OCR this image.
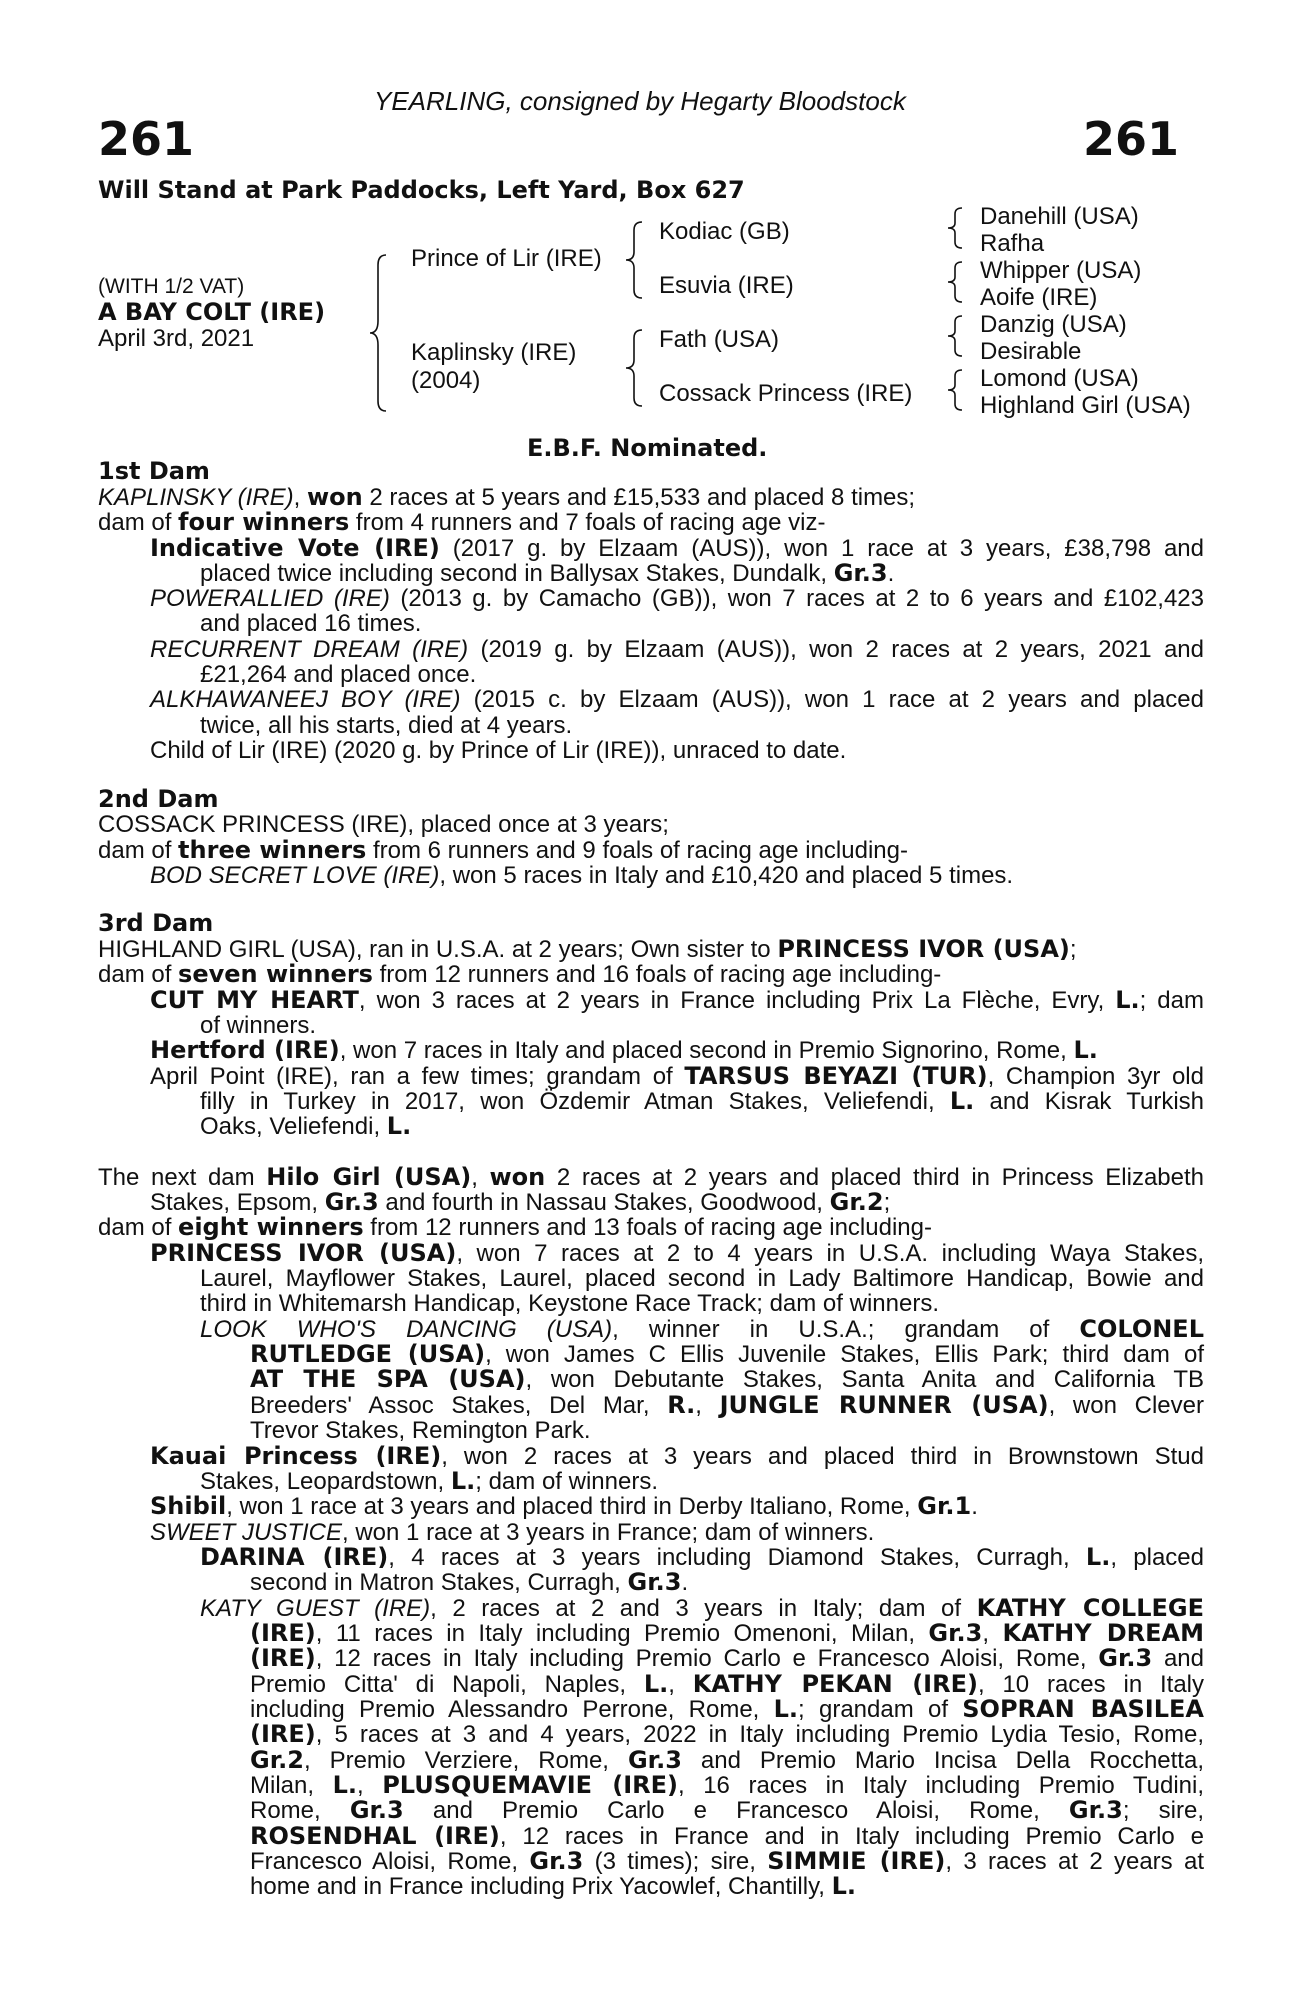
YEARLING, consigned by Hegarty Bloodstock
261	261
Will Stand at Park Paddocks, Left Yard, Box 627
(WITH 1/2 VAT)
A BAY COLT (IRE)
April 3rd, 2021
Prince of Lir (IRE)
Kaplinsky (IRE)
(2004)
Kodiac (GB)
Esuvia (IRE)
Fath (USA)
Cossack Princess (IRE)
Danehill (USA)
Rafha
Whipper (USA)
Aoife (IRE)
Danzig (USA)
Desirable
Lomond (USA)
Highland Girl (USA)
E.B.F. Nominated.
1st Dam
KAPLINSKY (IRE), won 2 races at 5 years and £15,533 and placed 8 times;
dam of four winners from 4 runners and 7 foals of racing age viz-
Indicative Vote (IRE) (2017 g. by Elzaam (AUS)), won 1 race at 3 years, £38,798 and
placed twice including second in Ballysax Stakes, Dundalk, Gr.3.
POWERALLIED (IRE) (2013 g. by Camacho (GB)), won 7 races at 2 to 6 years and £102,423
and placed 16 times.
RECURRENT DREAM (IRE) (2019 g. by Elzaam (AUS)), won 2 races at 2 years, 2021 and
£21,264 and placed once.
ALKHAWANEEJ BOY (IRE) (2015 c. by Elzaam (AUS)), won 1 race at 2 years and placed
twice, all his starts, died at 4 years.
Child of Lir (IRE) (2020 g. by Prince of Lir (IRE)), unraced to date.
2nd Dam
COSSACK PRINCESS (IRE), placed once at 3 years;
dam of three winners from 6 runners and 9 foals of racing age including-
BOD SECRET LOVE (IRE), won 5 races in Italy and £10,420 and placed 5 times.
3rd Dam
HIGHLAND GIRL (USA), ran in U.S.A. at 2 years; Own sister to PRINCESS IVOR (USA);
dam of seven winners from 12 runners and 16 foals of racing age including-
CUT MY HEART, won 3 races at 2 years in France including Prix La Flèche, Evry, L.; dam
of winners.
Hertford (IRE), won 7 races in Italy and placed second in Premio Signorino, Rome, L.
April Point (IRE), ran a few times; grandam of TARSUS BEYAZI (TUR), Champion 3yr old
filly in Turkey in 2017, won Özdemir Atman Stakes, Veliefendi, L. and Kisrak Turkish
Oaks, Veliefendi, L.
The next dam Hilo Girl (USA), won 2 races at 2 years and placed third in Princess Elizabeth
Stakes, Epsom, Gr.3 and fourth in Nassau Stakes, Goodwood, Gr.2;
dam of eight winners from 12 runners and 13 foals of racing age including-
PRINCESS IVOR (USA), won 7 races at 2 to 4 years in U.S.A. including Waya Stakes,
Laurel, Mayflower Stakes, Laurel, placed second in Lady Baltimore Handicap, Bowie and
third in Whitemarsh Handicap, Keystone Race Track; dam of winners.
LOOK WHO'S DANCING (USA), winner in U.S.A.; grandam of COLONEL
RUTLEDGE (USA), won James C Ellis Juvenile Stakes, Ellis Park; third dam of
AT THE SPA (USA), won Debutante Stakes, Santa Anita and California TB
Breeders' Assoc Stakes, Del Mar, R., JUNGLE RUNNER (USA), won Clever
Trevor Stakes, Remington Park.
Kauai Princess (IRE), won 2 races at 3 years and placed third in Brownstown Stud
Stakes, Leopardstown, L.; dam of winners.
Shibil, won 1 race at 3 years and placed third in Derby Italiano, Rome, Gr.1.
SWEET JUSTICE, won 1 race at 3 years in France; dam of winners.
DARINA (IRE), 4 races at 3 years including Diamond Stakes, Curragh, L., placed
second in Matron Stakes, Curragh, Gr.3.
KATY GUEST (IRE), 2 races at 2 and 3 years in Italy; dam of KATHY COLLEGE
(IRE), 11 races in Italy including Premio Omenoni, Milan, Gr.3, KATHY DREAM
(IRE), 12 races in Italy including Premio Carlo e Francesco Aloisi, Rome, Gr.3 and
Premio Citta' di Napoli, Naples, L., KATHY PEKAN (IRE), 10 races in Italy
including Premio Alessandro Perrone, Rome, L.; grandam of SOPRAN BASILEA
(IRE), 5 races at 3 and 4 years, 2022 in Italy including Premio Lydia Tesio, Rome,
Gr.2, Premio Verziere, Rome, Gr.3 and Premio Mario Incisa Della Rocchetta,
Milan, L., PLUSQUEMAVIE (IRE), 16 races in Italy including Premio Tudini,
Rome, Gr.3 and Premio Carlo e Francesco Aloisi, Rome, Gr.3; sire,
ROSENDHAL (IRE), 12 races in France and in Italy including Premio Carlo e
Francesco Aloisi, Rome, Gr.3 (3 times); sire, SIMMIE (IRE), 3 races at 2 years at
home and in France including Prix Yacowlef, Chantilly, L.
